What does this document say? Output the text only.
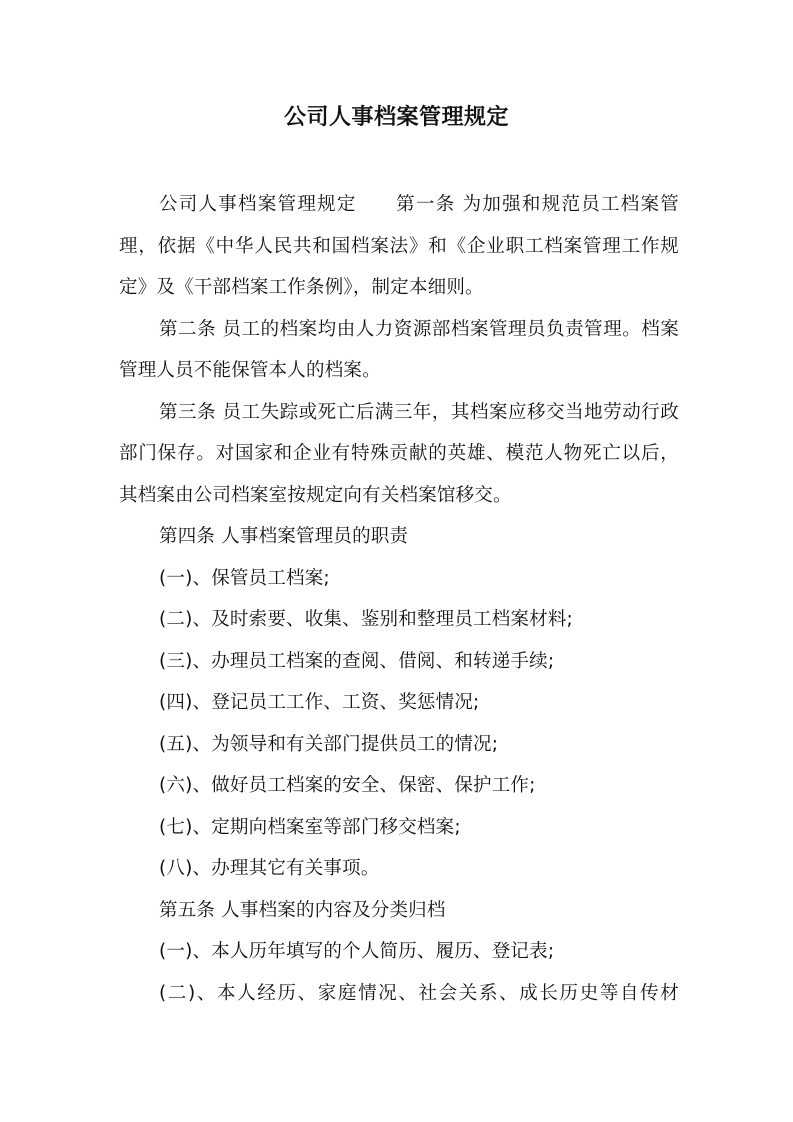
公司人事档案管理规定

公司人事档案管理规定　　第一条 为加强和规范员工档案管理，依据《中华人民共和国档案法》和《企业职工档案管理工作规定》及《干部档案工作条例》，制定本细则。

第二条 员工的档案均由人力资源部档案管理员负责管理。档案管理人员不能保管本人的档案。

第三条 员工失踪或死亡后满三年，其档案应移交当地劳动行政部门保存。对国家和企业有特殊贡献的英雄、模范人物死亡以后，其档案由公司档案室按规定向有关档案馆移交。

第四条 人事档案管理员的职责

(一)、保管员工档案;

(二)、及时索要、收集、鉴别和整理员工档案材料;

(三)、办理员工档案的查阅、借阅、和转递手续;

(四)、登记员工工作、工资、奖惩情况;

(五)、为领导和有关部门提供员工的情况;

(六)、做好员工档案的安全、保密、保护工作;

(七)、定期向档案室等部门移交档案;

(八)、办理其它有关事项。

第五条 人事档案的内容及分类归档

(一)、本人历年填写的个人简历、履历、登记表;

(二)、本人经历、家庭情况、社会关系、成长历史等自传材
